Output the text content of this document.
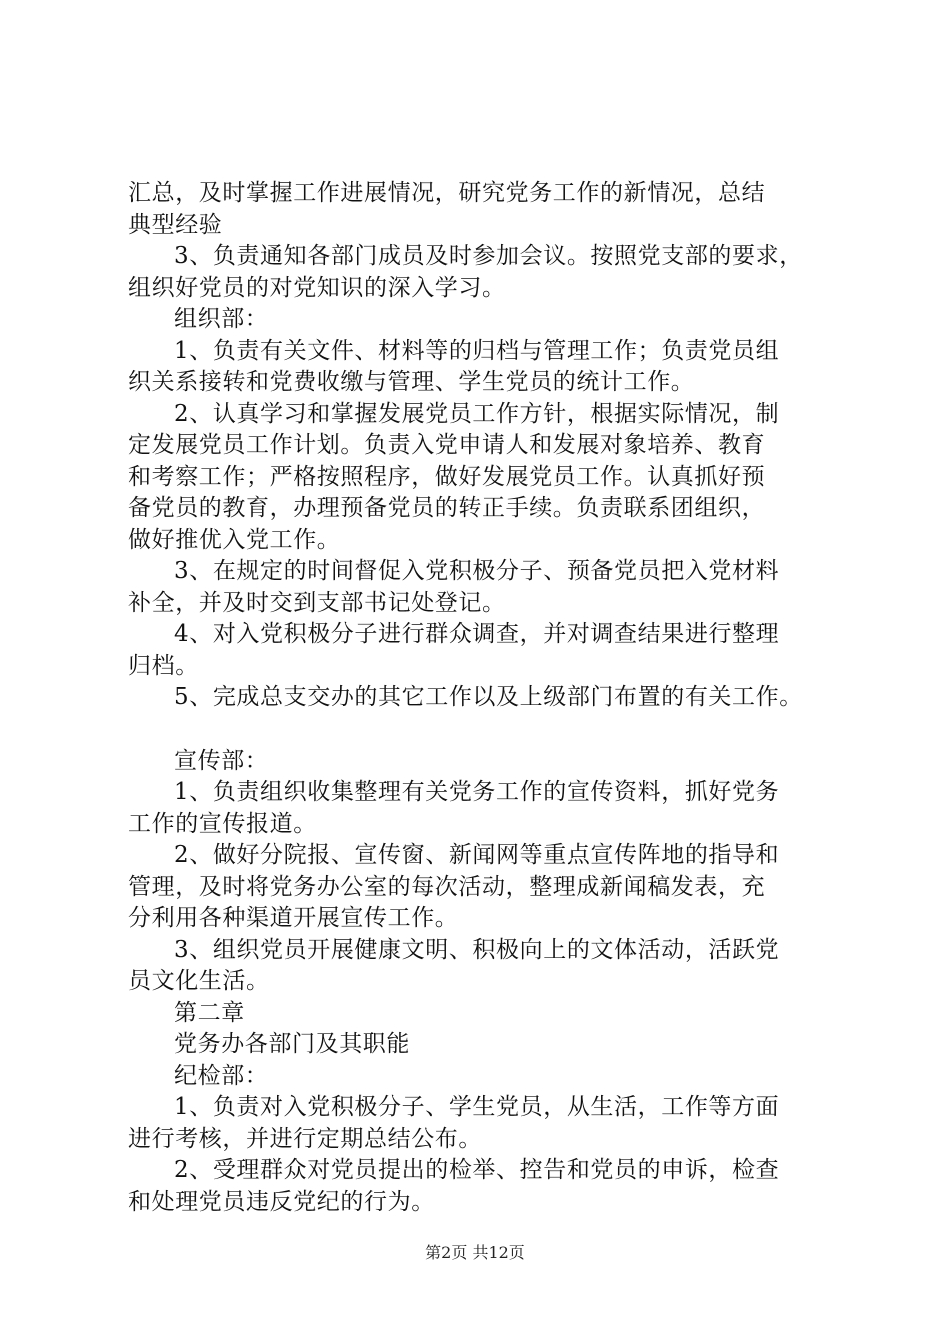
汇总，及时掌握工作进展情况，研究党务工作的新情况，总结
典型经验
3、负责通知各部门成员及时参加会议。按照党支部的要求，
组织好党员的对党知识的深入学习。
组织部：
1、负责有关文件、材料等的归档与管理工作；负责党员组
织关系接转和党费收缴与管理、学生党员的统计工作。
2、认真学习和掌握发展党员工作方针，根据实际情况，制
定发展党员工作计划。负责入党申请人和发展对象培养、教育
和考察工作；严格按照程序，做好发展党员工作。认真抓好预
备党员的教育，办理预备党员的转正手续。负责联系团组织，
做好推优入党工作。
3、在规定的时间督促入党积极分子、预备党员把入党材料
补全，并及时交到支部书记处登记。
4、对入党积极分子进行群众调查，并对调查结果进行整理
归档。
5、完成总支交办的其它工作以及上级部门布置的有关工作。
宣传部：
1、负责组织收集整理有关党务工作的宣传资料，抓好党务
工作的宣传报道。
2、做好分院报、宣传窗、新闻网等重点宣传阵地的指导和
管理，及时将党务办公室的每次活动，整理成新闻稿发表，充
分利用各种渠道开展宣传工作。
3、组织党员开展健康文明、积极向上的文体活动，活跃党
员文化生活。
第二章
党务办各部门及其职能
纪检部：
1、负责对入党积极分子、学生党员，从生活，工作等方面
进行考核，并进行定期总结公布。
2、受理群众对党员提出的检举、控告和党员的申诉，检查
和处理党员违反党纪的行为。
第2页 共12页
